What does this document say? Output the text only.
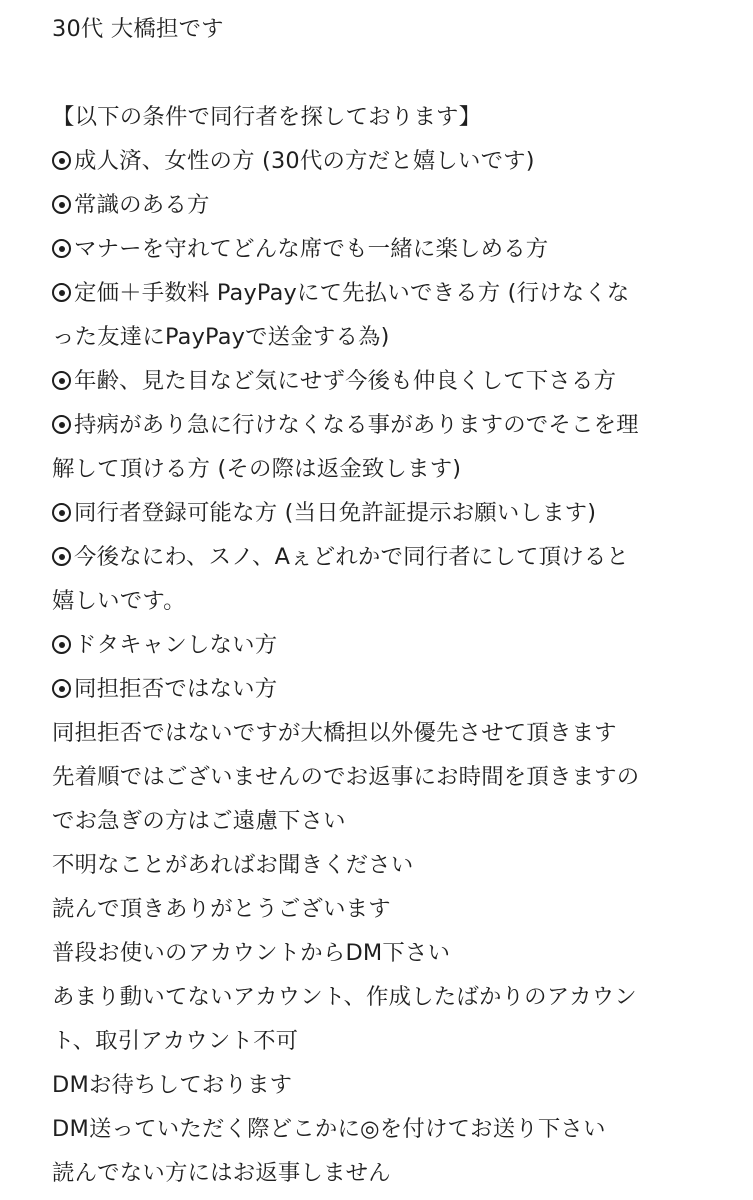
30代 大橋担です
【以下の条件で同行者を探しております】
成人済、女性の方 (30代の方だと嬉しいです)
常識のある方
マナーを守れてどんな席でも一緒に楽しめる方
定価＋手数料 PayPayにて先払いできる方 (行けなくな
った友達にPayPayで送金する為)
年齢、見た目など気にせず今後も仲良くして下さる方
持病があり急に行けなくなる事がありますのでそこを理
解して頂ける方 (その際は返金致します)
同行者登録可能な方 (当日免許証提示お願いします)
今後なにわ、スノ、Aぇどれかで同行者にして頂けると
嬉しいです。
ドタキャンしない方
同担拒否ではない方
同担拒否ではないですが大橋担以外優先させて頂きます
先着順ではございませんのでお返事にお時間を頂きますの
でお急ぎの方はご遠慮下さい
不明なことがあればお聞きください
読んで頂きありがとうございます
普段お使いのアカウントからDM下さい
あまり動いてないアカウント、作成したばかりのアカウン
ト、取引アカウント不可
DMお待ちしております
DM送っていただく際どこかに◎を付けてお送り下さい
読んでない方にはお返事しません
